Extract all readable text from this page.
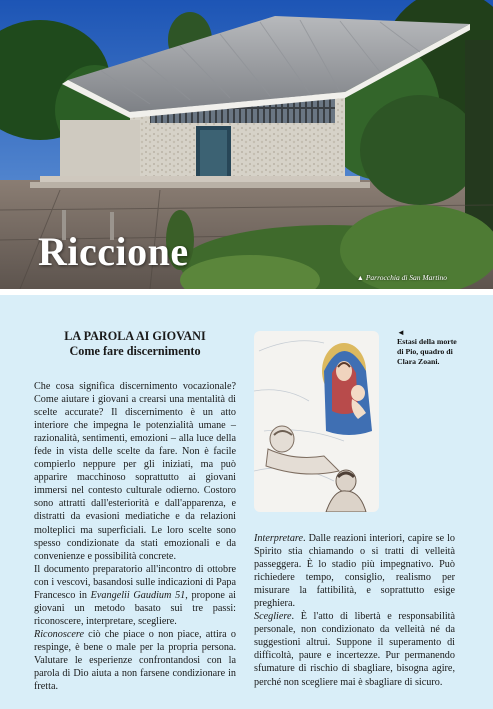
Riccione
▲ Parrocchia di San Martino
LA PAROLA AI GIOVANI
Come fare discernimento

Che cosa significa discernimento vocazionale? Come aiutare i giovani a crearsi una mentalità di scelte accurate? Il discernimento è un atto interiore che impegna le potenzialità umane – razionalità, sentimenti, emozioni – alla luce della fede in vista delle scelte da fare. Non è facile compierlo neppure per gli iniziati, ma può apparire macchinoso soprattutto ai giovani immersi nel contesto culturale odierno. Costoro sono attratti dall'esteriorità e dall'apparenza, e distratti da evasioni mediatiche e da relazioni molteplici ma superficiali. Le loro scelte sono spesso condizionate da stati emozionali e da convenienze e possibilità concrete.

Il documento preparatorio all'incontro di ottobre con i vescovi, basandosi sulle indicazioni di Papa Francesco in Evangelii Gaudium 51, propone ai giovani un metodo basato sui tre passi: riconoscere, interpretare, scegliere.

Riconoscere ciò che piace o non piace, attira o respinge, è bene o male per la propria persona. Valutare le esperienze confrontandosi con la parola di Dio aiuta a non farsene condizionare in fretta.

◄
Estasi della morte di Pio, quadro di Clara Zoani.

Interpretare. Dalle reazioni interiori, capire se lo Spirito stia chiamando o si tratti di velleità passeggera. È lo stadio più impegnativo. Può richiedere tempo, consiglio, realismo per misurare la fattibilità, e soprattutto esige preghiera.

Scegliere. È l'atto di libertà e responsabilità personale, non condizionato da velleità né da suggestioni altrui. Suppone il superamento di difficoltà, paure e incertezze. Pur permanendo sfumature di rischio di sbagliare, bisogna agire, perché non scegliere mai è sbagliare di sicuro.
